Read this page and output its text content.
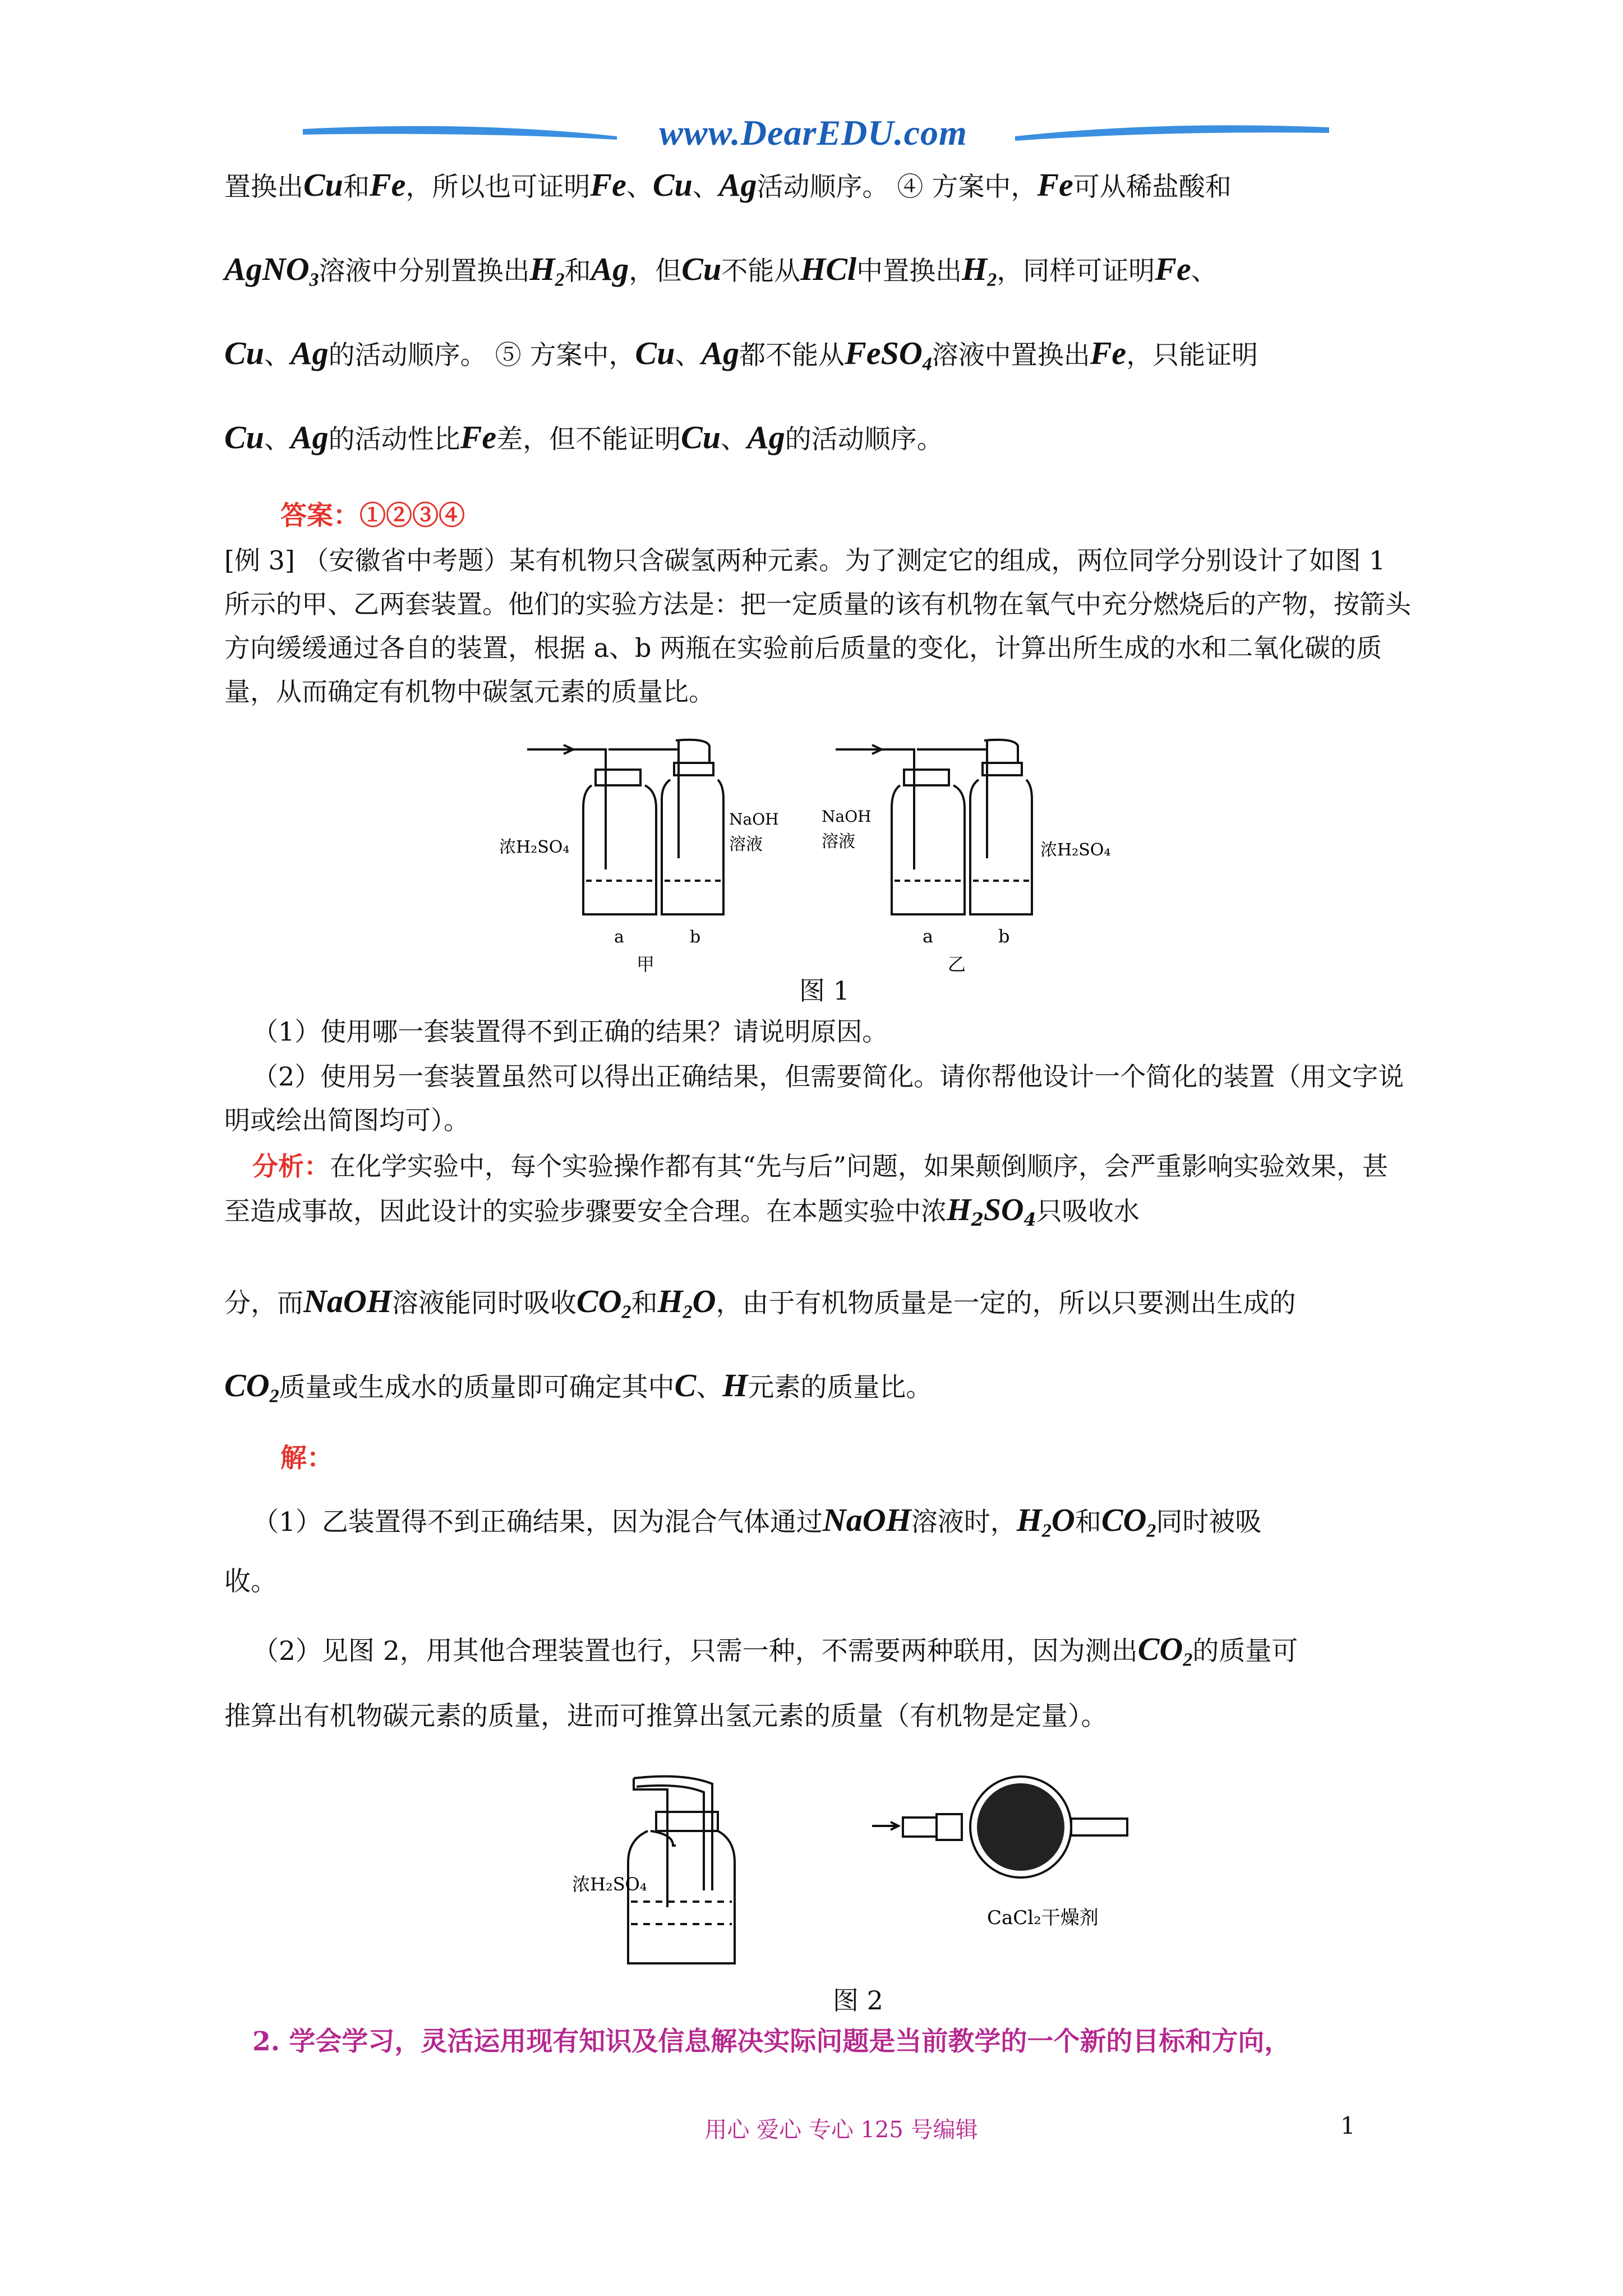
www.DearEDU.com
置换出Cu和Fe，所以也可证明Fe、Cu、Ag活动顺序。 ④ 方案中，Fe可从稀盐酸和
AgNO$_3$溶液中分别置换出$H_2$和Ag，但Cu不能从HCl中置换出$H_2$，同样可证明Fe、
Cu、Ag的活动顺序。 ⑤ 方案中，Cu、Ag都不能从FeSO$_4$溶液中置换出Fe，只能证明
Cu、Ag的活动性比Fe差，但不能证明Cu、Ag的活动顺序。
答案：①②③④
[例 3] （安徽省中考题）某有机物只含碳氢两种元素。为了测定它的组成，两位同学分别设计了如图 1 所示的甲、乙两套装置。他们的实验方法是：把一定质量的该有机物在氧气中充分燃烧后的产物，按箭头方向缓缓通过各自的装置，根据 a、b 两瓶在实验前后质量的变化，计算出所生成的水和二氧化碳的质量，从而确定有机物中碳氢元素的质量比。
浓H₂SO₄
NaOH
溶液
a	b
甲
NaOH
溶液	浓H₂SO₄
a	b
乙
图 1
（1）使用哪一套装置得不到正确的结果？请说明原因。
（2）使用另一套装置虽然可以得出正确结果，但需要简化。请你帮他设计一个简化的装置（用文字说明或绘出简图均可）。
分析：在化学实验中，每个实验操作都有其“先与后”问题，如果颠倒顺序，会严重影响实验效果，甚至造成事故，因此设计的实验步骤要安全合理。在本题实验中浓$H_2SO_4$只吸收水
分，而NaOH溶液能同时吸收$CO_2$和$H_2O$，由于有机物质量是一定的，所以只要测出生成的
$CO_2$质量或生成水的质量即可确定其中C、H元素的质量比。
解：
（1）乙装置得不到正确结果，因为混合气体通过NaOH溶液时，$H_2O$和$CO_2$同时被吸
收。
（2）见图 2，用其他合理装置也行，只需一种，不需要两种联用，因为测出$CO_2$的质量可
推算出有机物碳元素的质量，进而可推算出氢元素的质量（有机物是定量）。
浓H₂SO₄
CaCl₂干燥剂
图 2
2. 学会学习，灵活运用现有知识及信息解决实际问题是当前教学的一个新的目标和方向，
用心 爱心 专心 125 号编辑	1
